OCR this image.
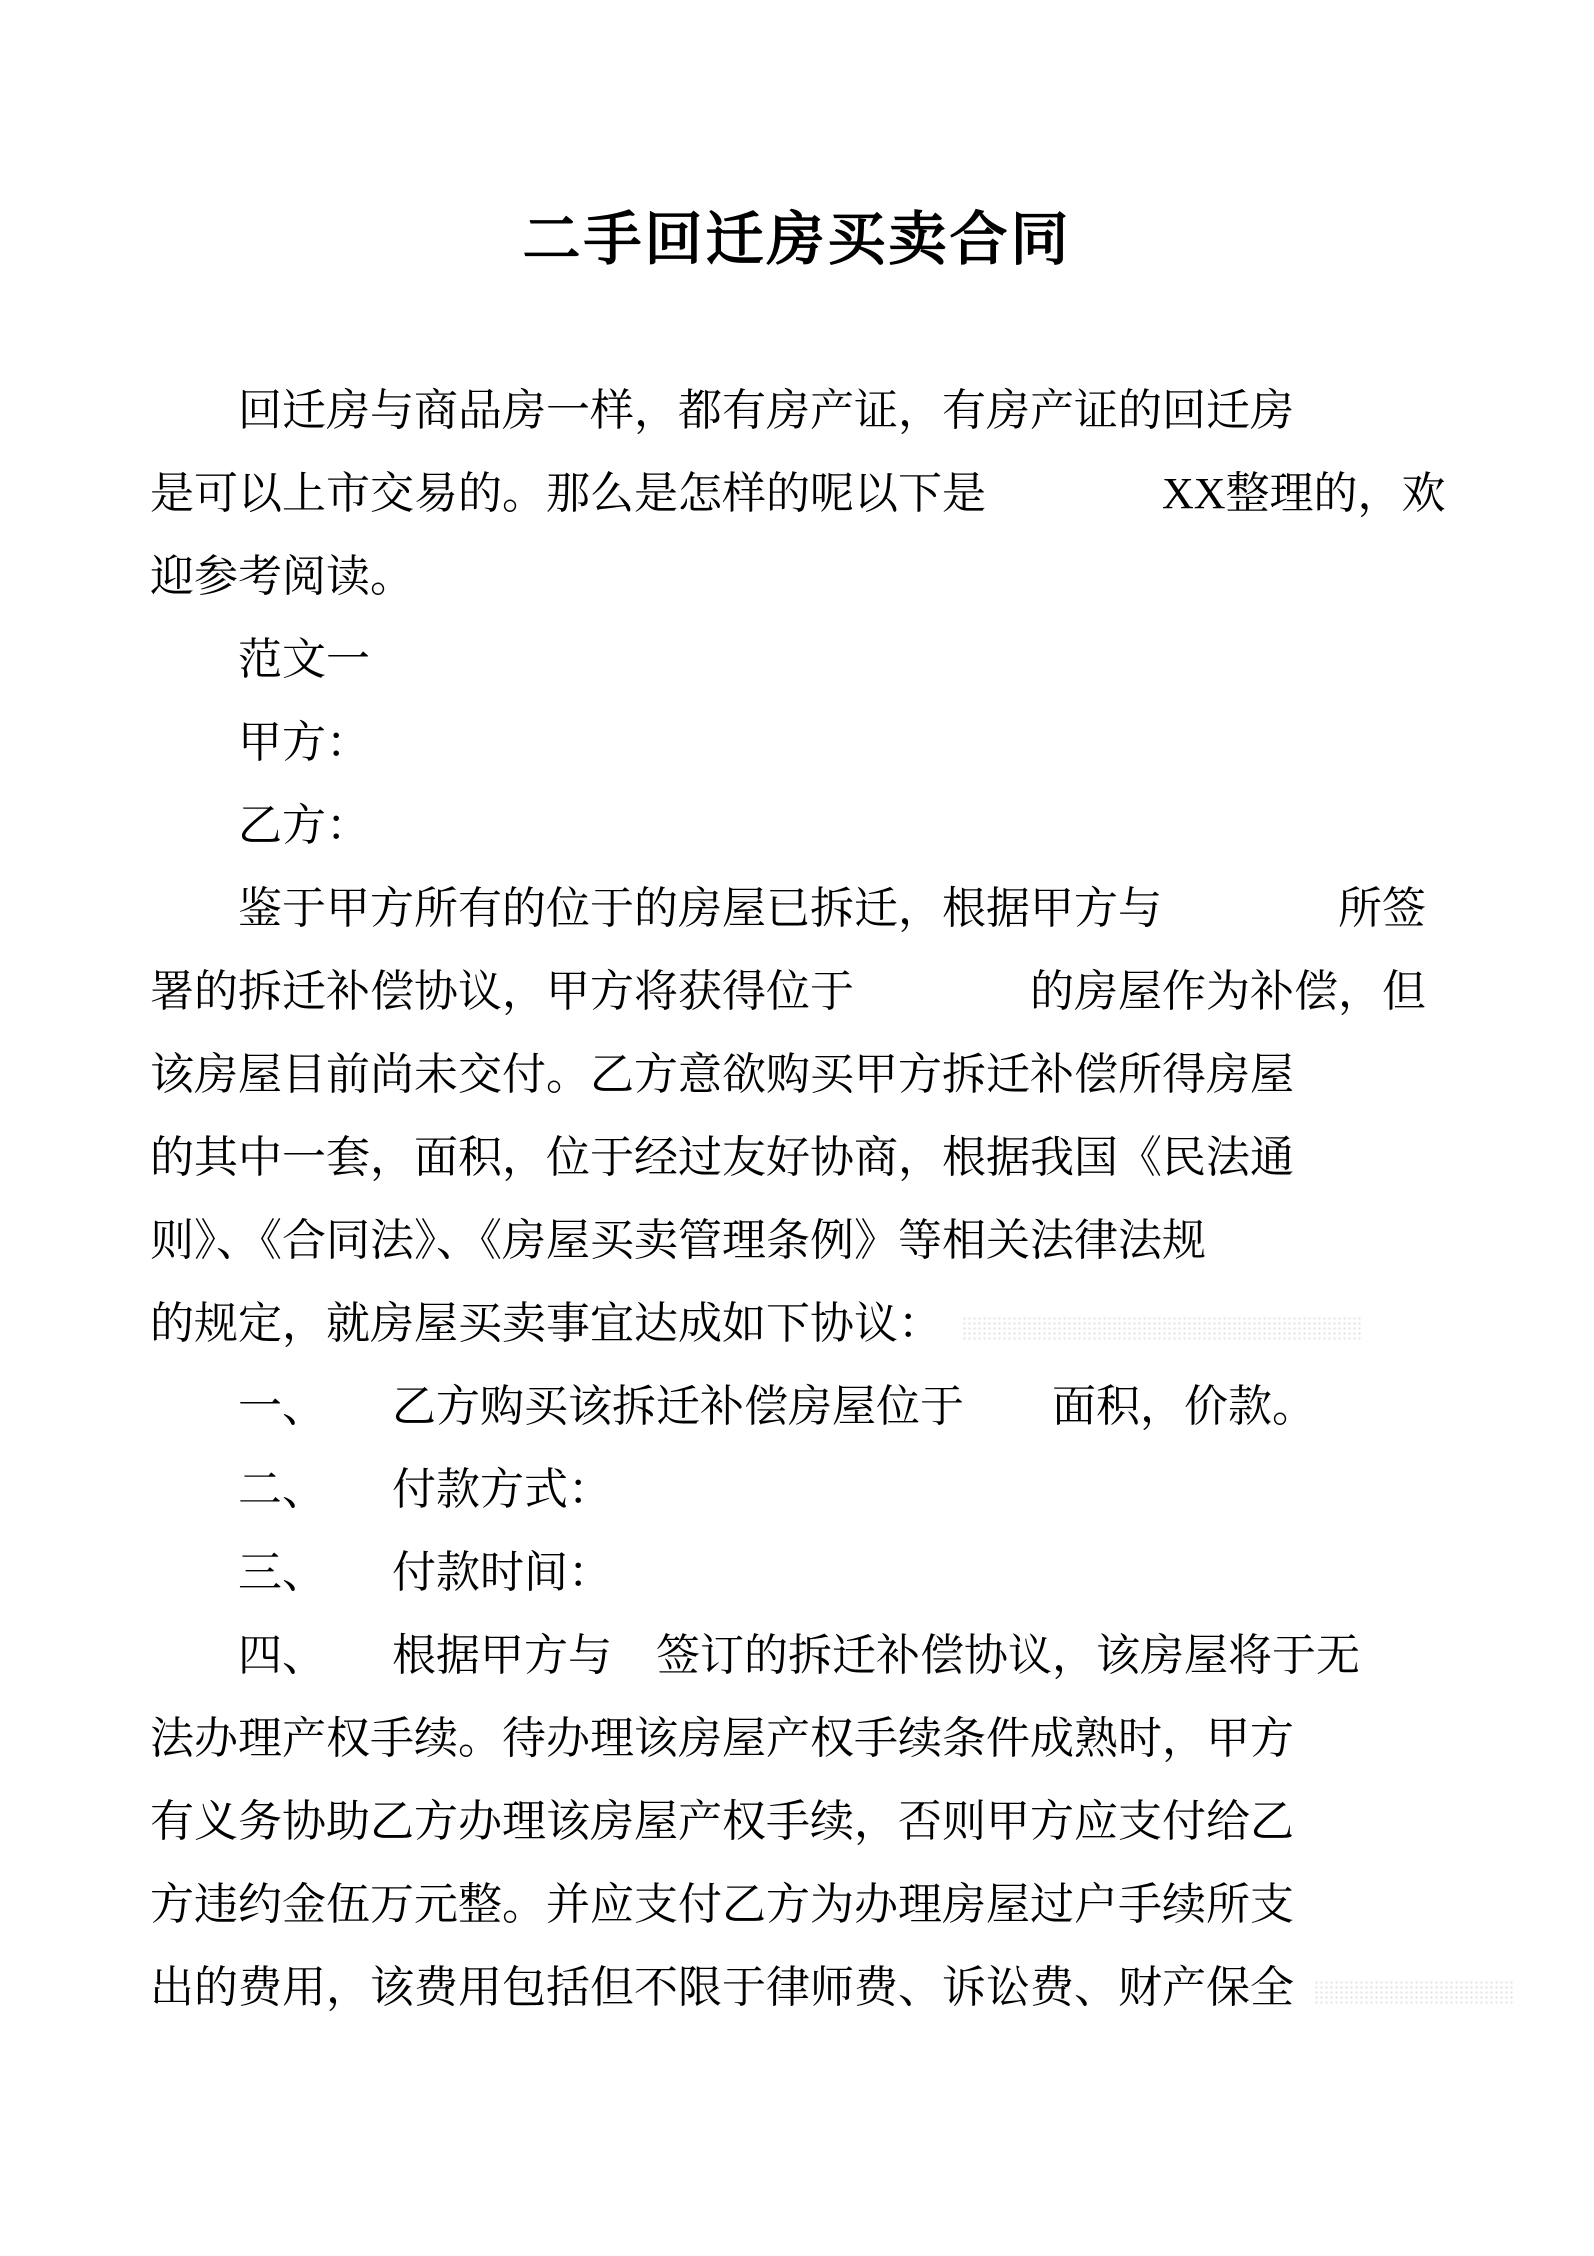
二手回迁房买卖合同
　　回迁房与商品房一样，都有房产证，有房产证的回迁房
是可以上市交易的。那么是怎样的呢以下是　　　　XX整理的，欢
迎参考阅读。
　　范文一
　　甲方：
　　乙方：
　　鉴于甲方所有的位于的房屋已拆迁，根据甲方与　　　　所签
署的拆迁补偿协议，甲方将获得位于　　　　的房屋作为补偿，但
该房屋目前尚未交付。乙方意欲购买甲方拆迁补偿所得房屋
的其中一套，面积，位于经过友好协商，根据我国《民法通
则》、《合同法》、《房屋买卖管理条例》等相关法律法规
的规定，就房屋买卖事宜达成如下协议：
　　一、　　乙方购买该拆迁补偿房屋位于　　面积，价款。
　　二、　　付款方式：
　　三、　　付款时间：
　　四、　　根据甲方与　签订的拆迁补偿协议，该房屋将于无
法办理产权手续。待办理该房屋产权手续条件成熟时，甲方
有义务协助乙方办理该房屋产权手续，否则甲方应支付给乙
方违约金伍万元整。并应支付乙方为办理房屋过户手续所支
出的费用，该费用包括但不限于律师费、诉讼费、财产保全
